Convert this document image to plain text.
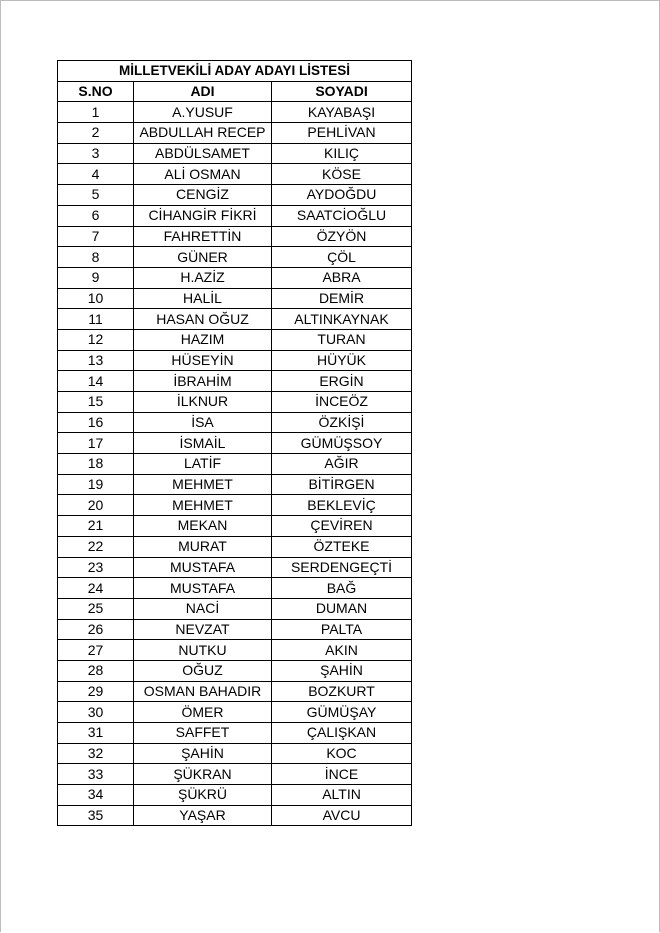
MİLLETVEKİLİ ADAY ADAYI LİSTESİ		
S.NO	ADI	SOYADI
1	A.YUSUF	KAYABAŞI
2	ABDULLAH RECEP	PEHLİVAN
3	ABDÜLSAMET	KILIÇ
4	ALİ OSMAN	KÖSE
5	CENGİZ	AYDOĞDU
6	CİHANGİR FİKRİ	SAATCİOĞLU
7	FAHRETTİN	ÖZYÖN
8	GÜNER	ÇÖL
9	H.AZİZ	ABRA
10	HALİL	DEMİR
11	HASAN OĞUZ	ALTINKAYNAK
12	HAZIM	TURAN
13	HÜSEYİN	HÜYÜK
14	İBRAHİM	ERGİN
15	İLKNUR	İNCEÖZ
16	İSA	ÖZKİŞİ
17	İSMAİL	GÜMÜŞSOY
18	LATİF	AĞIR
19	MEHMET	BİTİRGEN
20	MEHMET	BEKLEVİÇ
21	MEKAN	ÇEVİREN
22	MURAT	ÖZTEKE
23	MUSTAFA	SERDENGEÇTİ
24	MUSTAFA	BAĞ
25	NACİ	DUMAN
26	NEVZAT	PALTA
27	NUTKU	AKIN
28	OĞUZ	ŞAHİN
29	OSMAN BAHADIR	BOZKURT
30	ÖMER	GÜMÜŞAY
31	SAFFET	ÇALIŞKAN
32	ŞAHİN	KOC
33	ŞÜKRAN	İNCE
34	ŞÜKRÜ	ALTIN
35	YAŞAR	AVCU
